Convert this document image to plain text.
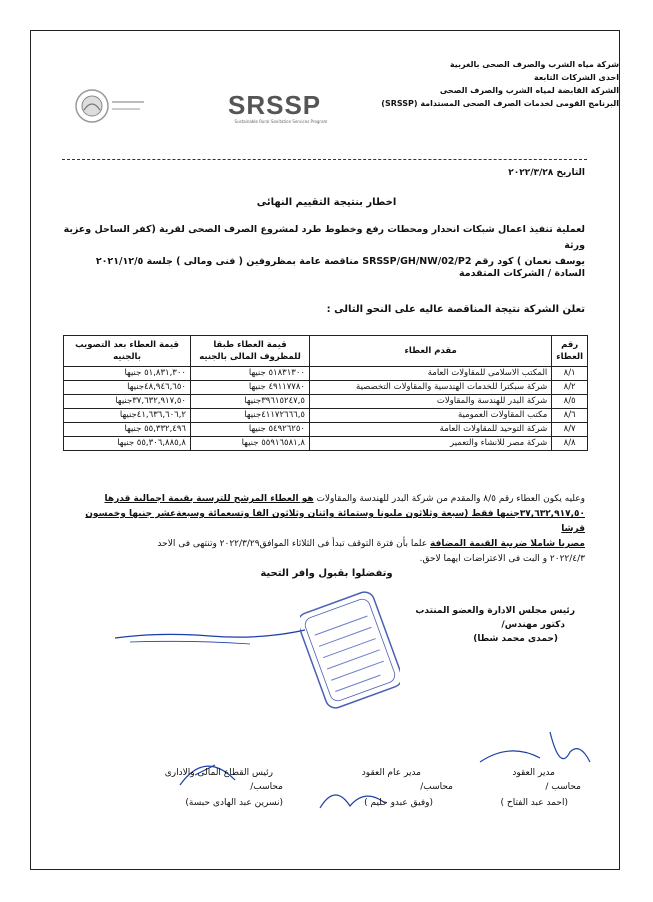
SRSSP
Sustainable Rural Sanitation Services Program
شركة مياه الشرب والصرف الصحى بالغربية
احدى الشركات التابعة
الشركة القابضة لمياه الشرب والصرف الصحى
البرنامج القومى لخدمات الصرف الصحى المستدامة (SRSSP)
التاريخ ٢٠٢٢/٣/٢٨
اخطار بنتيجة التقييم النهائى
لعملية تنفيذ اعمال شبكات انحدار ومحطات رفع وخطوط طرد لمشروع الصرف الصحى لقرية (كفر الساحل وعزبة ورثة
يوسف نعمان ) كود رقم SRSSP/GH/NW/02/P2 مناقصة عامة بمظروفين ( فنى ومالى ) جلسة ٢٠٢١/١٢/٥
السادة / الشركات المتقدمة
تعلن الشركة نتيجة المناقصة عاليه على النحو التالى :
رقم العطاء	مقدم العطاء	قيمة العطاء طبقا للمظروف المالى بالجنيه	قيمة العطاء بعد التصويب بالجنيه
٨/١	المكتب الاسلامى للمقاولات العامة	٥١٨٣١٣٠٠ جنيها	٥١,٨٣١,٣٠٠ جنيها
٨/٢	شركة سبكترا للخدمات الهندسية والمقاولات التخصصية	٤٩١١٧٧٨٠ جنيها	٤٨,٩٤٦,٦٥٠جنيها
٨/٥	شركة البدر للهندسة والمقاولات	٣٩٦١٥٢٤٧,٥جنيها	٣٧,٦٣٢,٩١٧,٥٠جنيها
٨/٦	مكتب المقاولات العمومية	٤١١٧٢٦٦٦,٥جنيها	٤١,٦٣٦,٦٠٦,٢جنيها
٨/٧	شركة التوحيد للمقاولات العامة	٥٤٩٢٦٢٥٠ جنيها	٥٥,٣٣٢,٤٩٦ جنيها
٨/٨	شركة مصر للانشاء والتعمير	٥٥٩١٦٥٨١,٨ جنيها	٥٥,٣٠٦,٨٨٥,٨ جنيها
وعليه يكون العطاء رقم ٨/٥ والمقدم من شركة البدر للهندسة والمقاولات هو العطاء المرشح للترسية بقيمة اجمالية قدرها
٣٧,٦٣٢,٩١٧,٥٠جنيها فقط (سبعة وثلاثون مليونا وستمائة واثنان وثلاثون الفا وتسعمائة وسبعةعشر جنيها وخمسون قرشا
مصريا شاملا ضريبة القيمة المضافة علما بأن فترة التوقف تبدأ فى الثلاثاء الموافق٢٠٢٢/٣/٢٩ وتنتهى فى الاحد
٢٠٢٢/٤/٣ و البت فى الاعتراضات ايهما لاحق.
وتفضلوا بقبول وافر التحية
رئيس مجلس الادارة والعضو المنتدب
دكتور مهندس/
(حمدى محمد شطا)
رئيس القطاع المالى والادارى
محاسب/
(نسرين عبد الهادى حبسة)
مدير عام العقود
محاسب/
(وفيق عبدو حليم )
مدير العقود
محاسب /
(احمد عبد الفتاح )
